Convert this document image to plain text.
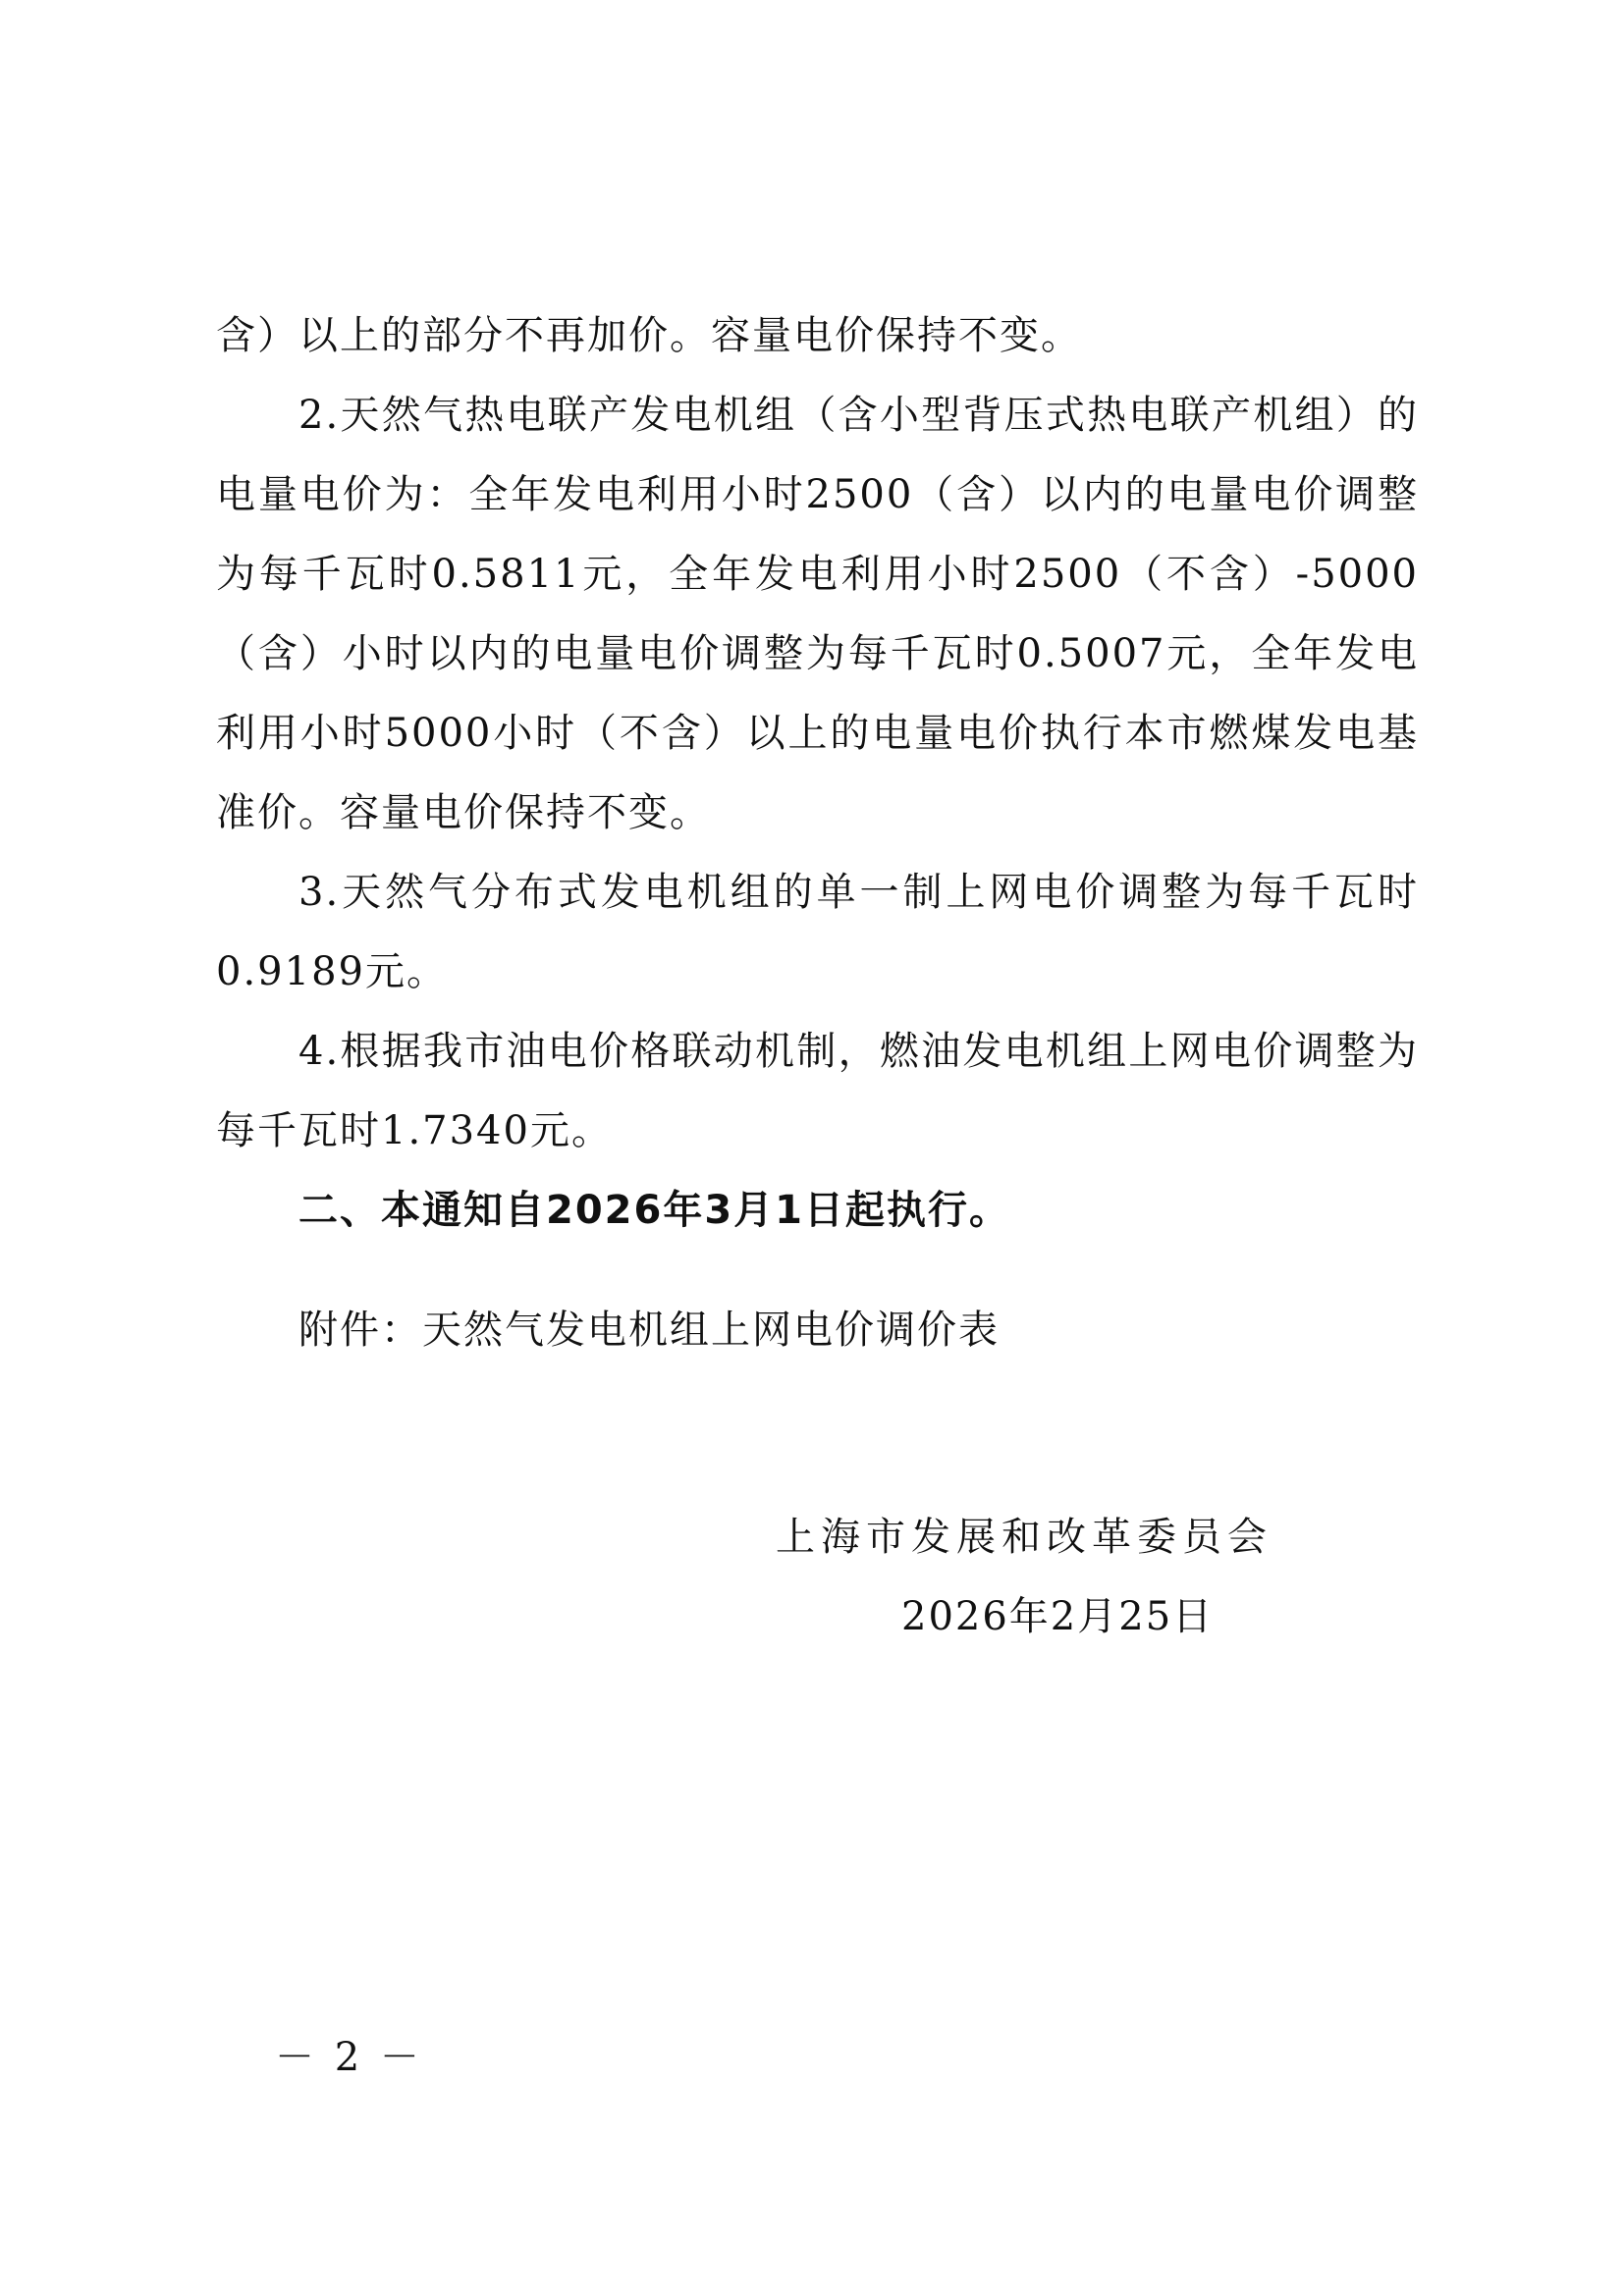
含）以上的部分不再加价。容量电价保持不变。

2.天然气热电联产发电机组（含小型背压式热电联产机组）的电量电价为：全年发电利用小时2500（含）以内的电量电价调整为每千瓦时0.5811元，全年发电利用小时2500（不含）-5000（含）小时以内的电量电价调整为每千瓦时0.5007元，全年发电利用小时5000小时（不含）以上的电量电价执行本市燃煤发电基准价。容量电价保持不变。

3.天然气分布式发电机组的单一制上网电价调整为每千瓦时0.9189元。

4.根据我市油电价格联动机制，燃油发电机组上网电价调整为每千瓦时1.7340元。

二、本通知自2026年3月1日起执行。

附件：天然气发电机组上网电价调价表

上海市发展和改革委员会

2026年2月25日

－ 2 －
